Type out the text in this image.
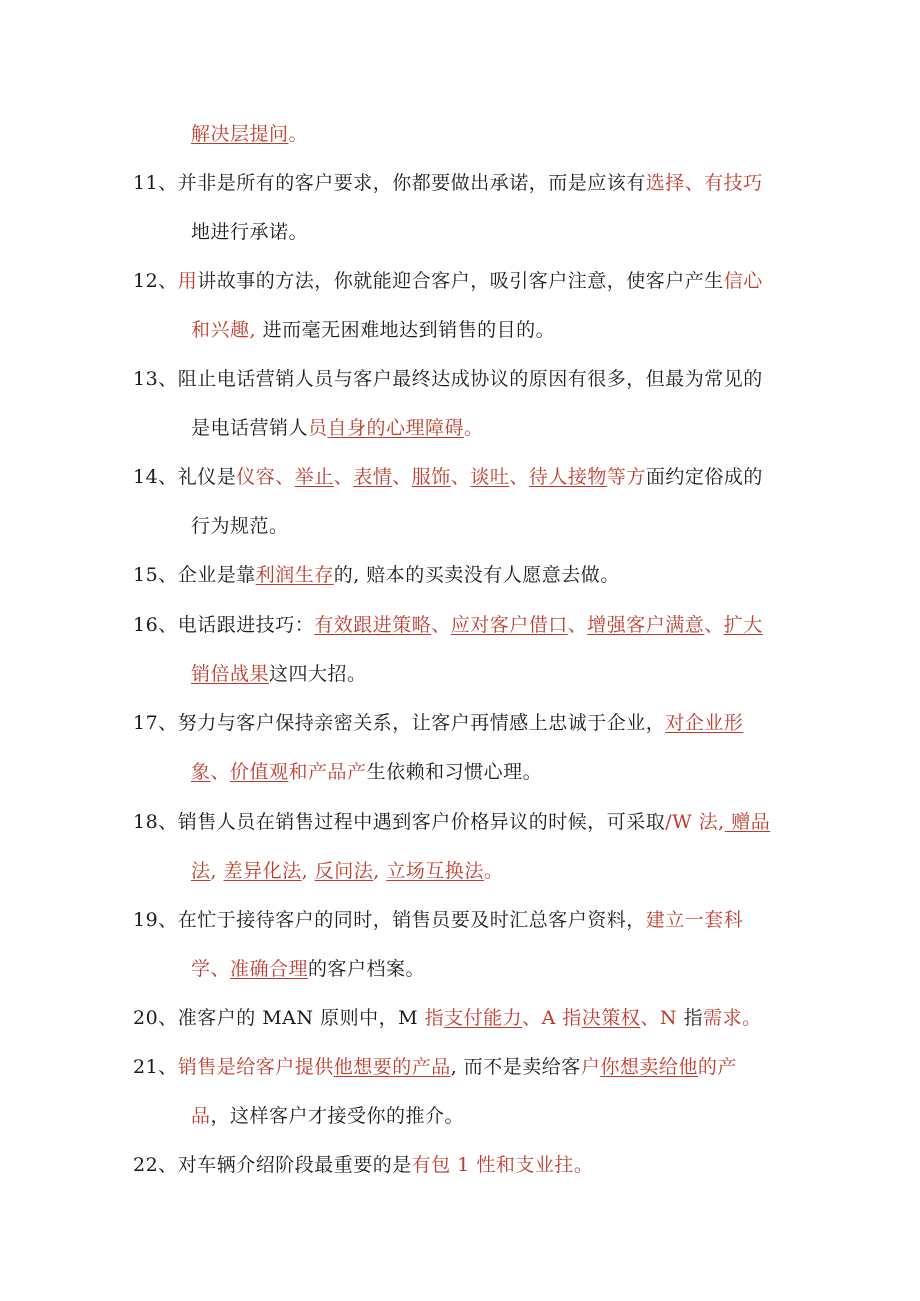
解决层提问。
11、并非是所有的客户要求，你都要做出承诺，而是应该有选择、有技巧
地进行承诺。
12、用讲故事的方法，你就能迎合客户，吸引客户注意，使客户产生信心
和兴趣, 进而毫无困难地达到销售的目的。
13、阻止电话营销人员与客户最终达成协议的原因有很多，但最为常见的
是电话营销人员自身的心理障碍。
14、礼仪是仪容、举止、表情、服饰、谈吐、待人接物等方面约定俗成的
行为规范。
15、企业是靠利润生存的, 赔本的买卖没有人愿意去做。
16、电话跟进技巧：有效跟进策略、应对客户借口、增强客户满意、扩大
销倍战果这四大招。
17、努力与客户保持亲密关系，让客户再情感上忠诚于企业，对企业形
象、价值观和产品产生依赖和习惯心理。
18、销售人员在销售过程中遇到客户价格异议的时候，可采取/W 法, 赠品
法, 差异化法, 反问法, 立场互换法。
19、在忙于接待客户的同时，销售员要及时汇总客户资料，建立一套科
学、准确合理的客户档案。
20、准客户的 MAN 原则中，M 指支付能力、A 指决策权、N 指需求。
21、销售是给客户提供他想要的产品, 而不是卖给客户你想卖给他的产
品，这样客户才接受你的推介。
22、对车辆介绍阶段最重要的是有包 1 性和支业拄。
